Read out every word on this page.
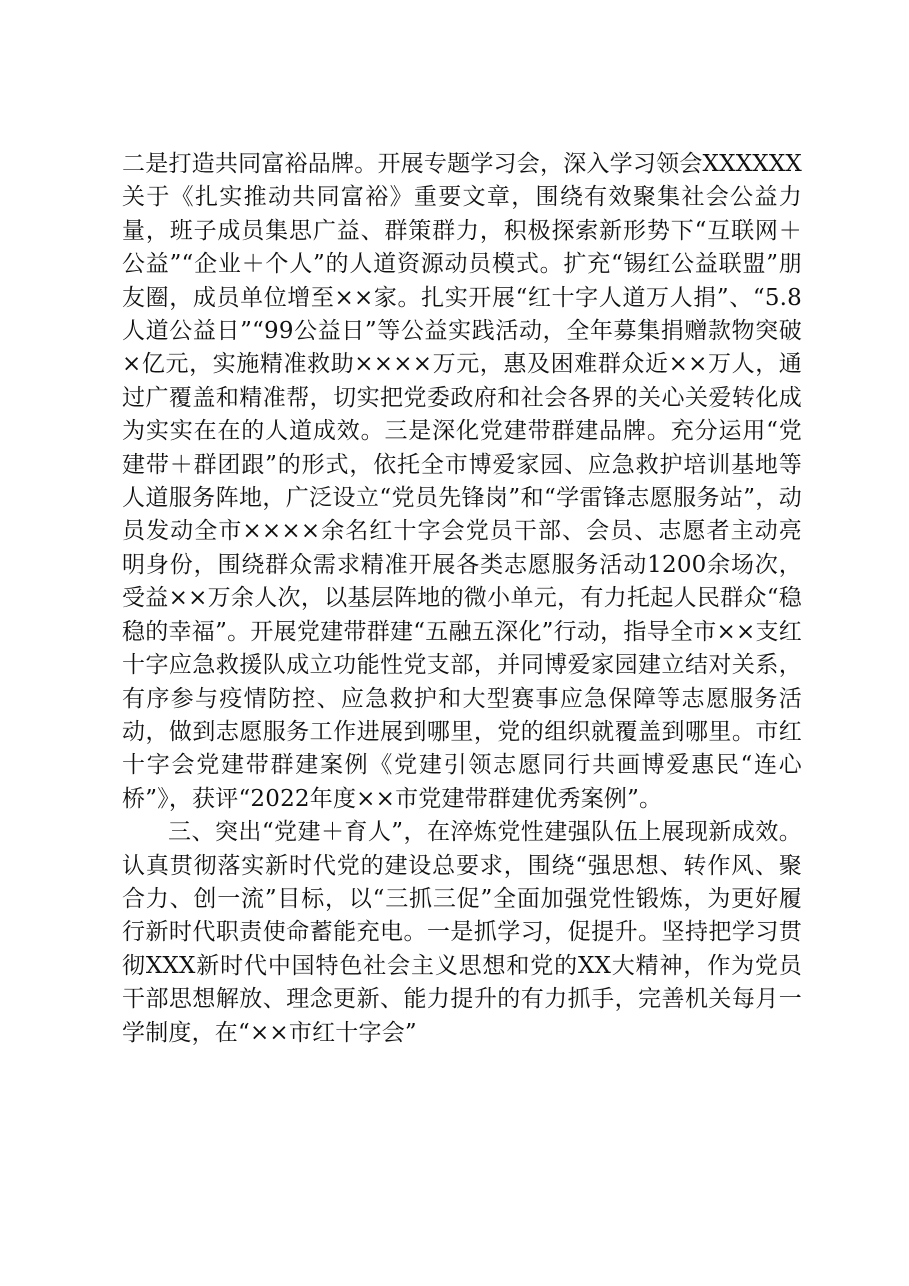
二是打造共同富裕品牌。开展专题学习会，深入学习领会XXXXXX关于《扎实推动共同富裕》重要文章，围绕有效聚集社会公益力量，班子成员集思广益、群策群力，积极探索新形势下“互联网＋公益”“企业＋个人”的人道资源动员模式。扩充“锡红公益联盟”朋友圈，成员单位增至××家。扎实开展“红十字人道万人捐”、“5.8人道公益日”“99公益日”等公益实践活动，全年募集捐赠款物突破×亿元，实施精准救助××××万元，惠及困难群众近××万人，通过广覆盖和精准帮，切实把党委政府和社会各界的关心关爱转化成为实实在在的人道成效。三是深化党建带群建品牌。充分运用“党建带＋群团跟”的形式，依托全市博爱家园、应急救护培训基地等人道服务阵地，广泛设立“党员先锋岗”和“学雷锋志愿服务站”，动员发动全市××××余名红十字会党员干部、会员、志愿者主动亮明身份，围绕群众需求精准开展各类志愿服务活动1200余场次，受益××万余人次，以基层阵地的微小单元，有力托起人民群众“稳稳的幸福”。开展党建带群建“五融五深化”行动，指导全市××支红十字应急救援队成立功能性党支部，并同博爱家园建立结对关系，有序参与疫情防控、应急救护和大型赛事应急保障等志愿服务活动，做到志愿服务工作进展到哪里，党的组织就覆盖到哪里。市红十字会党建带群建案例《党建引领志愿同行共画博爱惠民“连心桥”》，获评“2022年度××市党建带群建优秀案例”。

三、突出“党建＋育人”，在淬炼党性建强队伍上展现新成效。认真贯彻落实新时代党的建设总要求，围绕“强思想、转作风、聚合力、创一流”目标，以“三抓三促”全面加强党性锻炼，为更好履行新时代职责使命蓄能充电。一是抓学习，促提升。坚持把学习贯彻XXX新时代中国特色社会主义思想和党的XX大精神，作为党员干部思想解放、理念更新、能力提升的有力抓手，完善机关每月一学制度，在“××市红十字会”
